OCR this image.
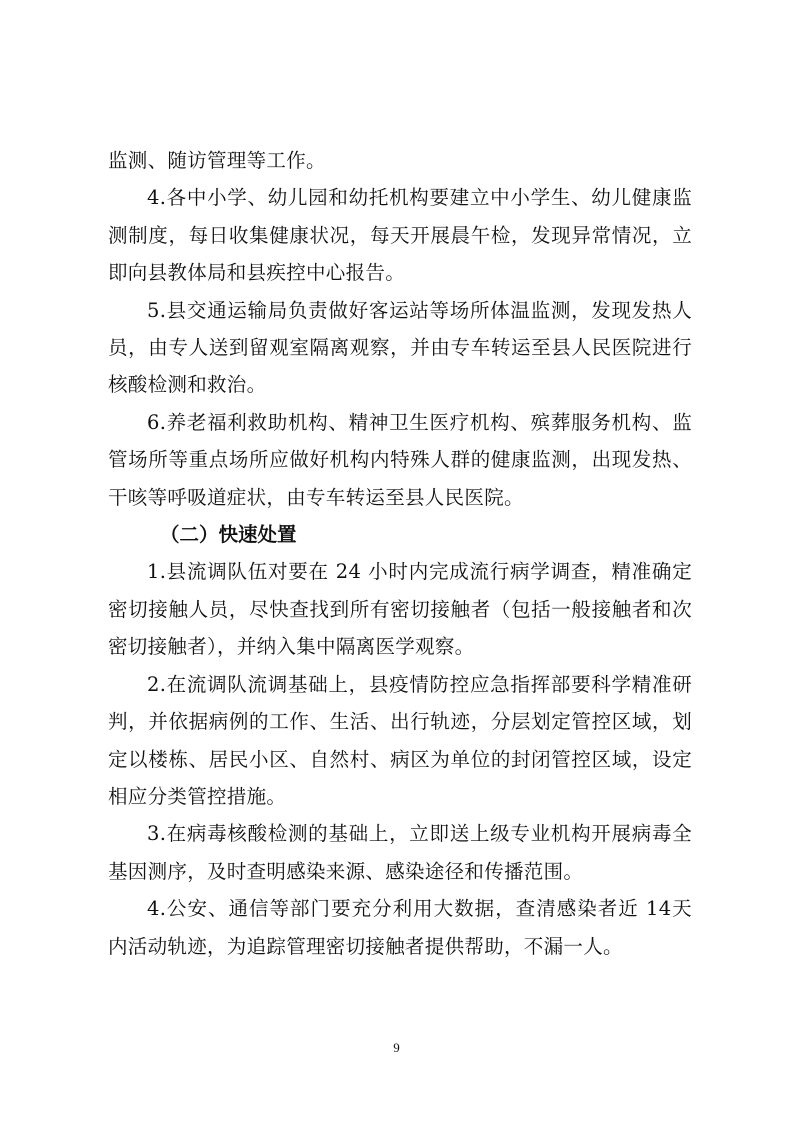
监测、随访管理等工作。

4.各中小学、幼儿园和幼托机构要建立中小学生、幼儿健康监测制度，每日收集健康状况，每天开展晨午检，发现异常情况，立即向县教体局和县疾控中心报告。

5.县交通运输局负责做好客运站等场所体温监测，发现发热人员，由专人送到留观室隔离观察，并由专车转运至县人民医院进行核酸检测和救治。

6.养老福利救助机构、精神卫生医疗机构、殡葬服务机构、监管场所等重点场所应做好机构内特殊人群的健康监测，出现发热、干咳等呼吸道症状，由专车转运至县人民医院。

（二）快速处置

1.县流调队伍对要在 24 小时内完成流行病学调查，精准确定密切接触人员，尽快查找到所有密切接触者（包括一般接触者和次密切接触者），并纳入集中隔离医学观察。

2.在流调队流调基础上，县疫情防控应急指挥部要科学精准研判，并依据病例的工作、生活、出行轨迹，分层划定管控区域，划定以楼栋、居民小区、自然村、病区为单位的封闭管控区域，设定相应分类管控措施。

3.在病毒核酸检测的基础上，立即送上级专业机构开展病毒全基因测序，及时查明感染来源、感染途径和传播范围。

4.公安、通信等部门要充分利用大数据，查清感染者近 14天内活动轨迹，为追踪管理密切接触者提供帮助，不漏一人。

9
